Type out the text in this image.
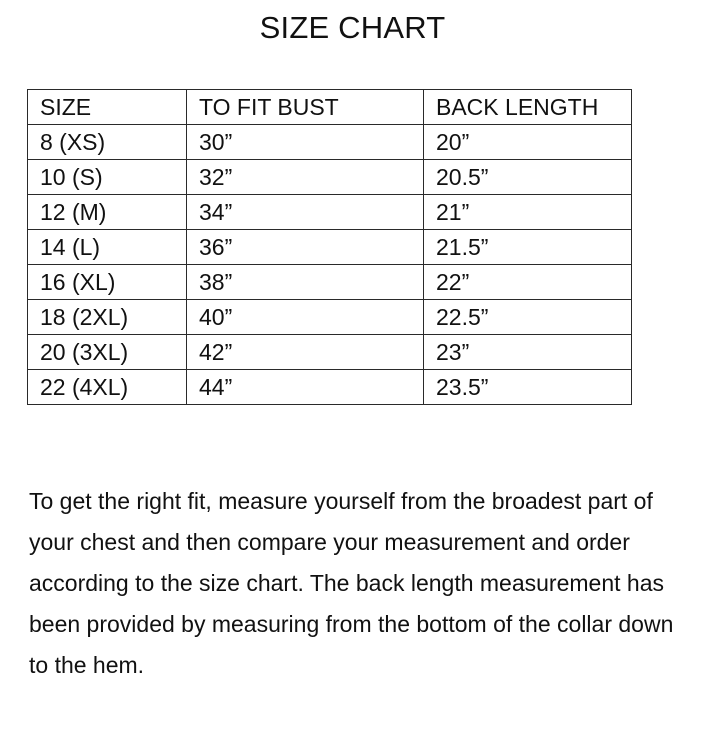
SIZE CHART
SIZE	TO FIT BUST	BACK LENGTH
8 (XS)	30”	20”
10 (S)	32”	20.5”
12 (M)	34”	21”
14 (L)	36”	21.5”
16 (XL)	38”	22”
18 (2XL)	40”	22.5”
20 (3XL)	42”	23”
22 (4XL)	44”	23.5”

To get the right fit, measure yourself from the broadest part of your chest and then compare your measurement and order according to the size chart. The back length measurement has been provided by measuring from the bottom of the collar down to the hem.
